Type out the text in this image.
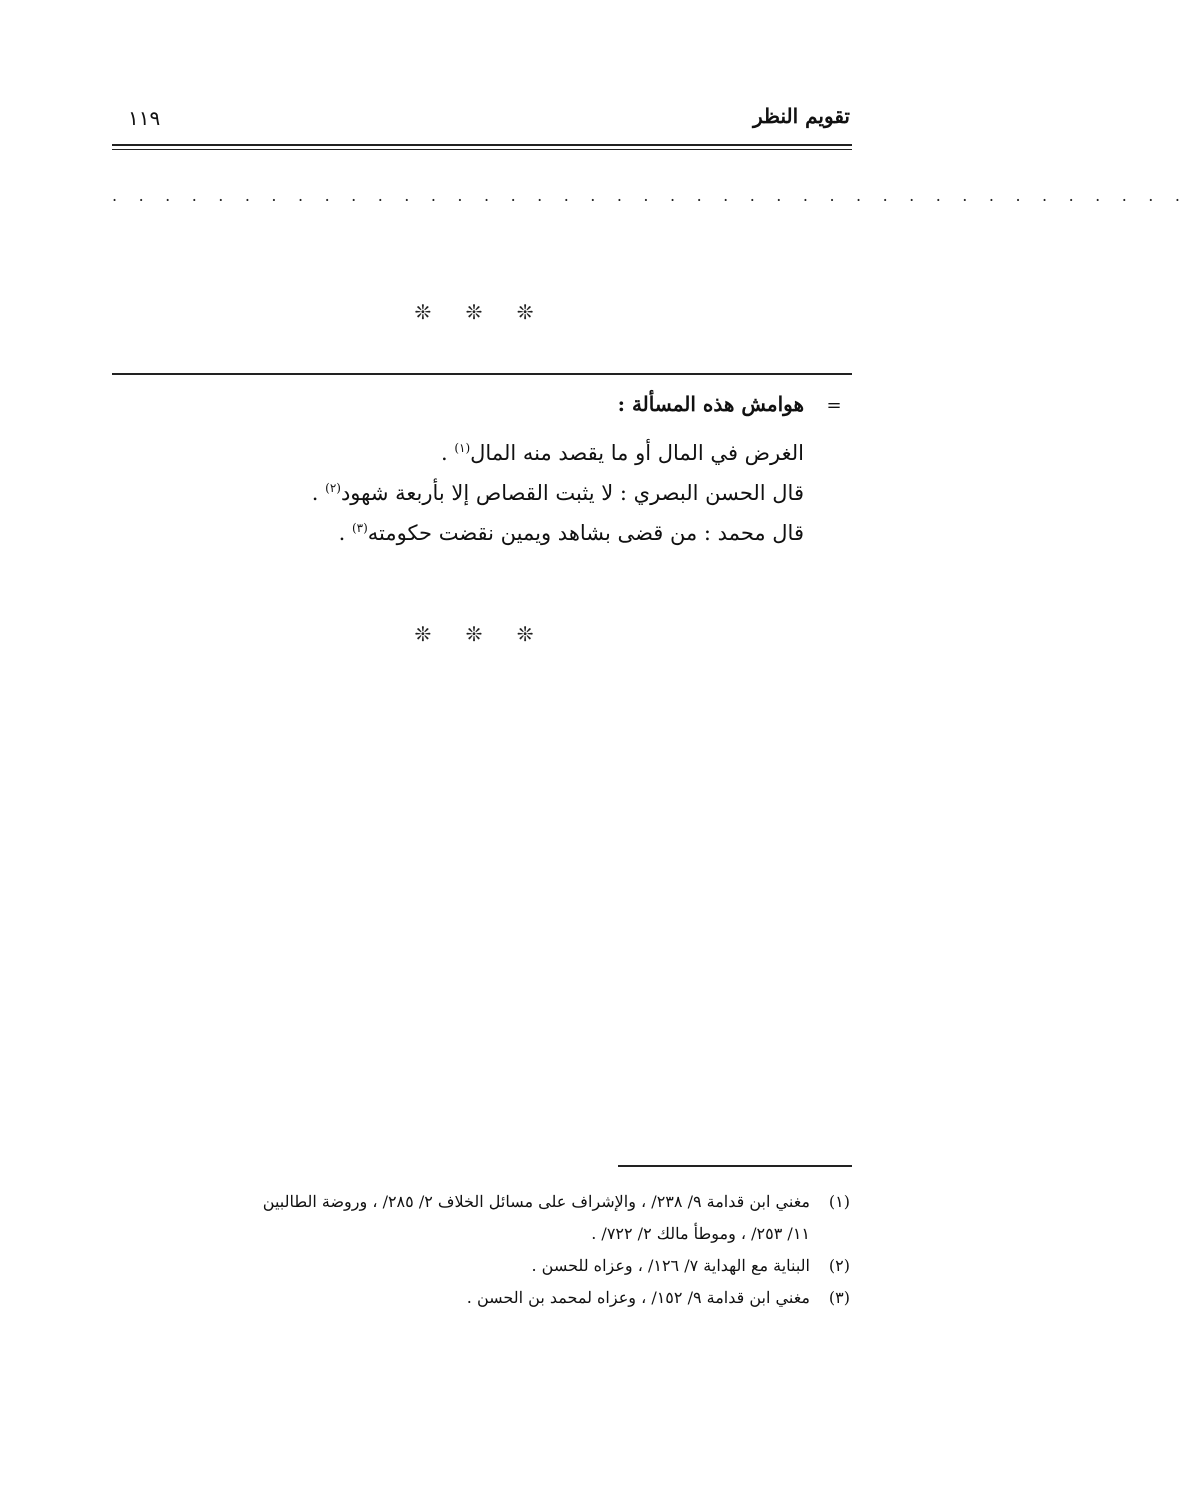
تقويم النظر
١١٩
. . . . . . . . . . . . . . . . . . . . . . . . . . . . . . . . . . . . . . . . .
❊ ❊ ❊
=
هوامش هذه المسألة :
الغرض في المال أو ما يقصد منه المال$^{(١)}$ .
قال الحسن البصري : لا يثبت القصاص إلا بأربعة شهود$^{(٢)}$ .
قال محمد : من قضى بشاهد ويمين نقضت حكومته$^{(٣)}$ .
❊ ❊ ❊
(١)
مغني ابن قدامة ٩/ ٢٣٨/ ، والإشراف على مسائل الخلاف ٢/ ٢٨٥/ ، وروضة الطالبين
١١/ ٢٥٣/ ، وموطأ مالك ٢/ ٧٢٢/ .
(٢)
البناية مع الهداية ٧/ ١٢٦/ ، وعزاه للحسن .
(٣)
مغني ابن قدامة ٩/ ١٥٢/ ، وعزاه لمحمد بن الحسن .
